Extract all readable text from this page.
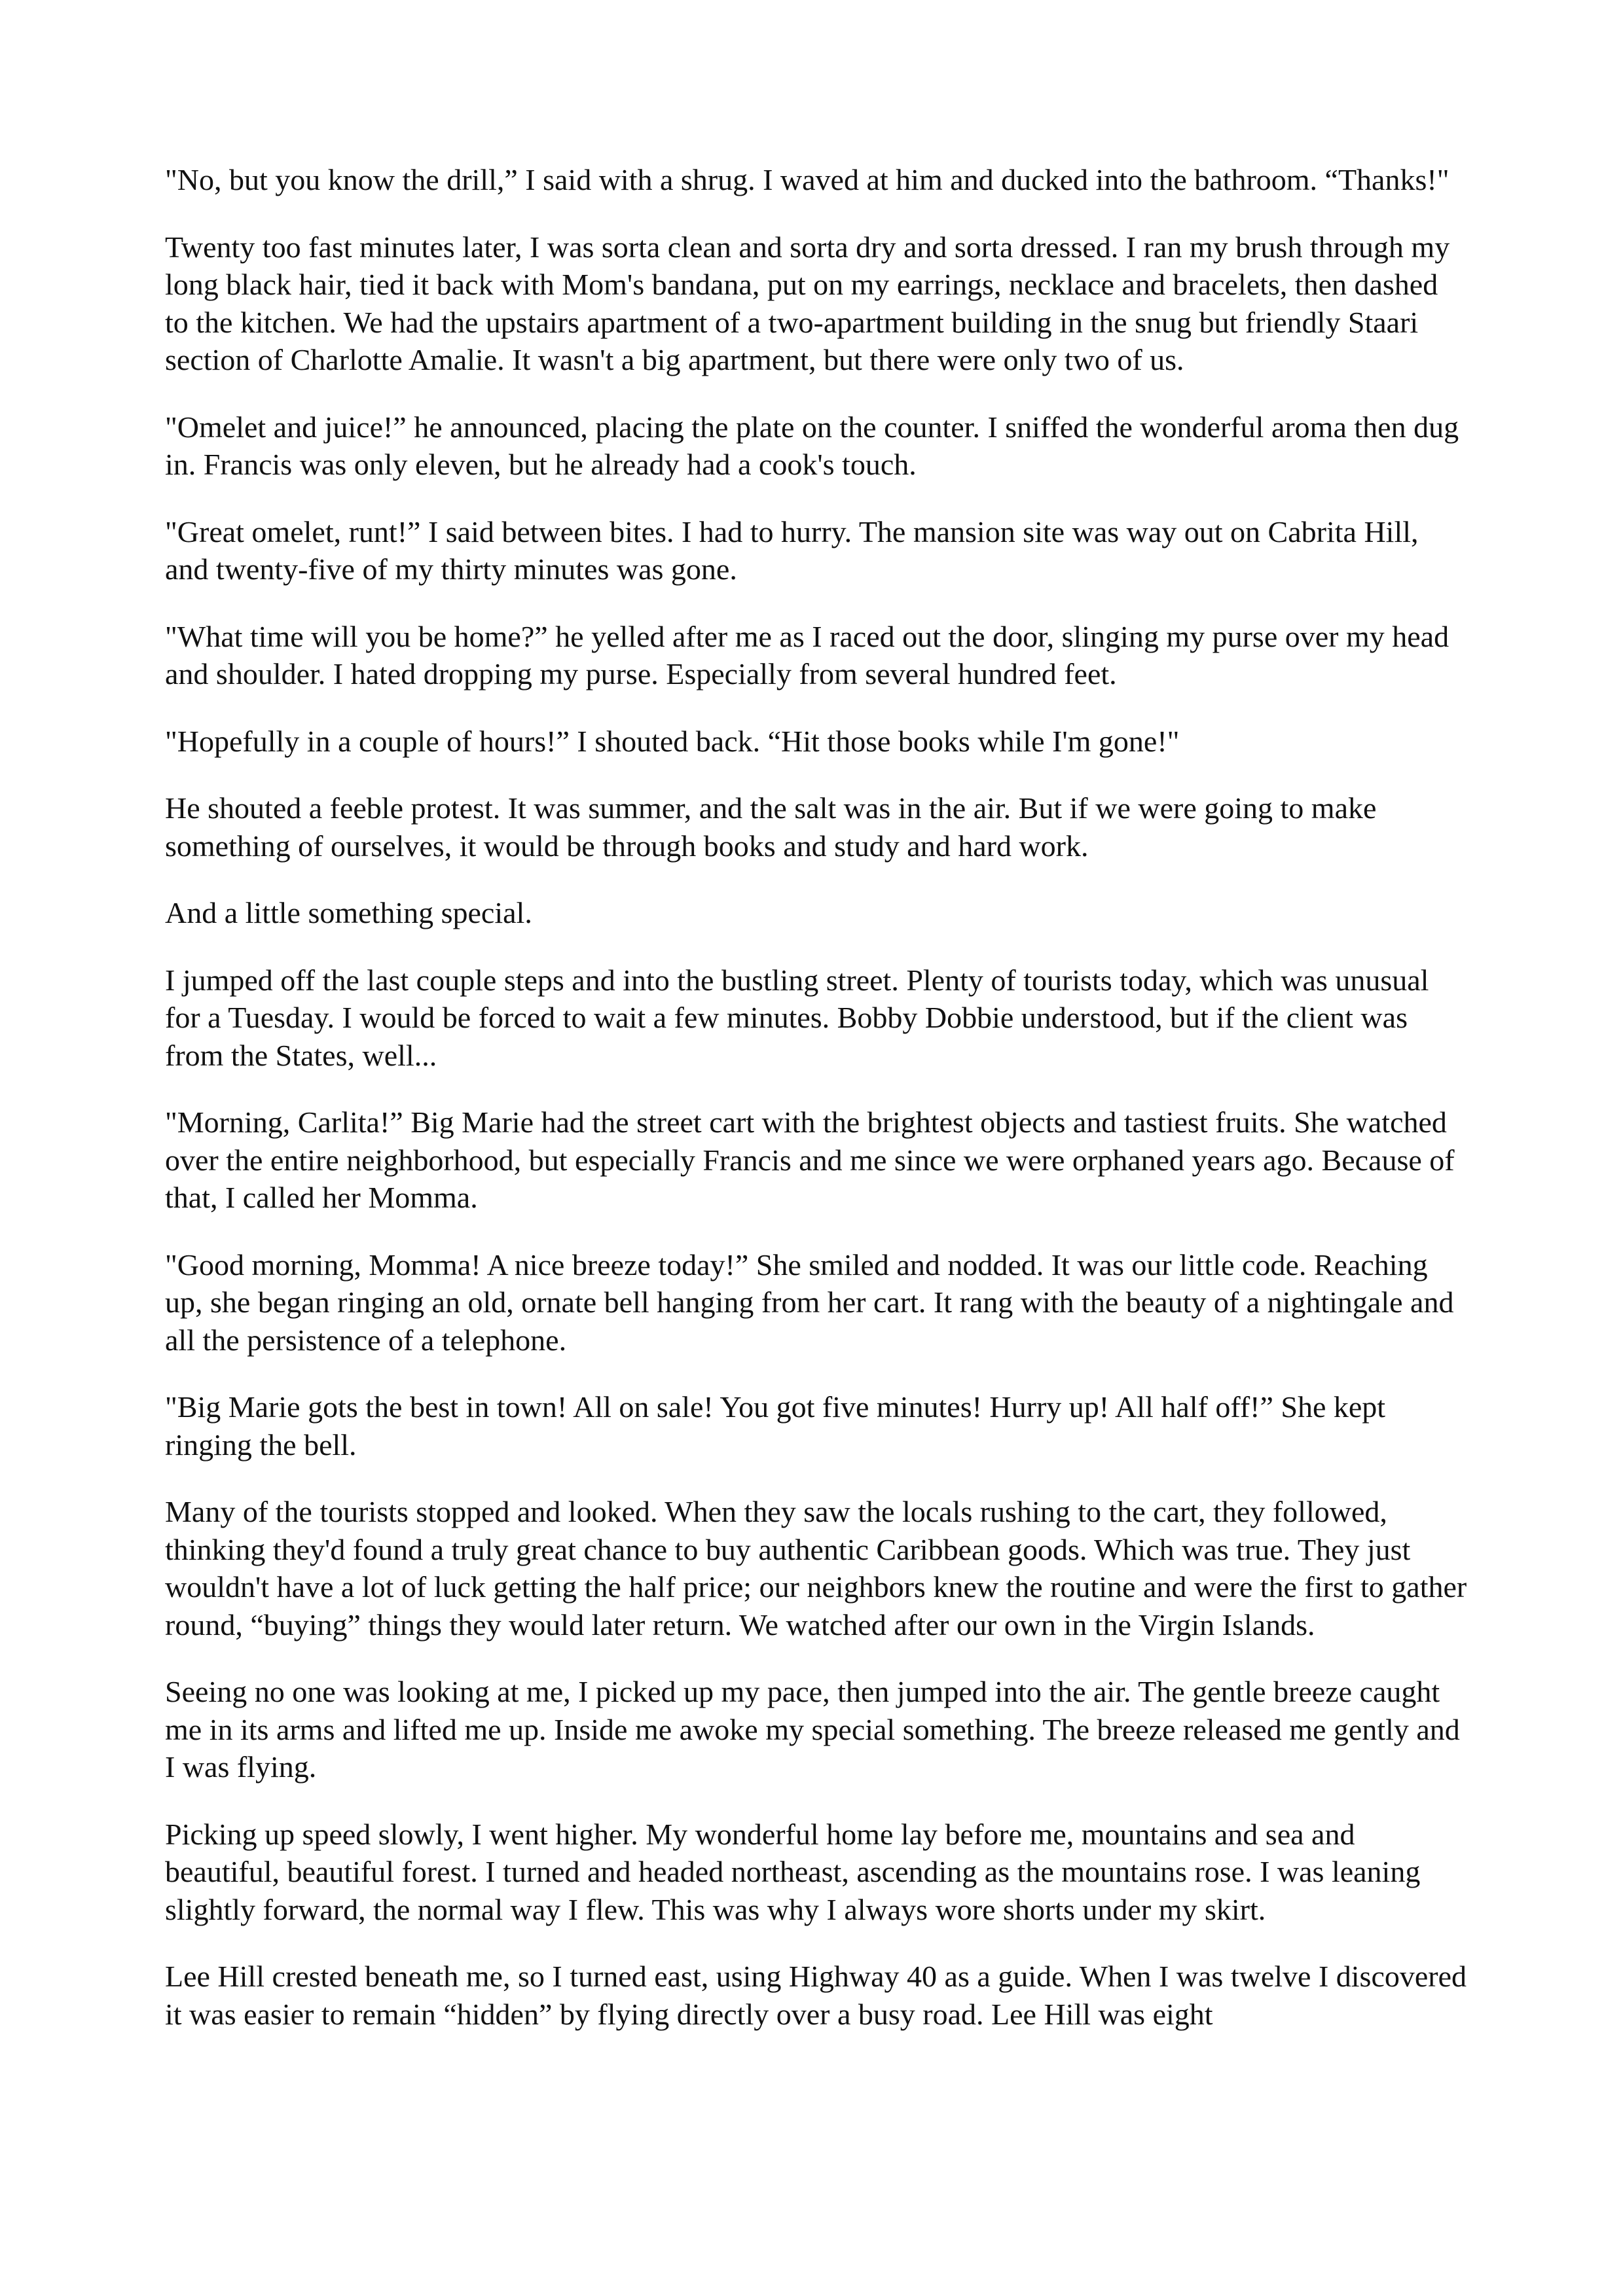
"No, but you know the drill,” I said with a shrug. I waved at him and ducked into the bathroom. “Thanks!"

Twenty too fast minutes later, I was sorta clean and sorta dry and sorta dressed. I ran my brush through my long black hair, tied it back with Mom's bandana, put on my earrings, necklace and bracelets, then dashed to the kitchen. We had the upstairs apartment of a two-apartment building in the snug but friendly Staari section of Charlotte Amalie. It wasn't a big apartment, but there were only two of us.

"Omelet and juice!” he announced, placing the plate on the counter. I sniffed the wonderful aroma then dug in. Francis was only eleven, but he already had a cook's touch.

"Great omelet, runt!” I said between bites. I had to hurry. The mansion site was way out on Cabrita Hill, and twenty-five of my thirty minutes was gone.

"What time will you be home?” he yelled after me as I raced out the door, slinging my purse over my head and shoulder. I hated dropping my purse. Especially from several hundred feet.

"Hopefully in a couple of hours!” I shouted back. “Hit those books while I'm gone!"

He shouted a feeble protest. It was summer, and the salt was in the air. But if we were going to make something of ourselves, it would be through books and study and hard work.

And a little something special.

I jumped off the last couple steps and into the bustling street. Plenty of tourists today, which was unusual for a Tuesday. I would be forced to wait a few minutes. Bobby Dobbie understood, but if the client was from the States, well...

"Morning, Carlita!” Big Marie had the street cart with the brightest objects and tastiest fruits. She watched over the entire neighborhood, but especially Francis and me since we were orphaned years ago. Because of that, I called her Momma.

"Good morning, Momma! A nice breeze today!” She smiled and nodded. It was our little code. Reaching up, she began ringing an old, ornate bell hanging from her cart. It rang with the beauty of a nightingale and all the persistence of a telephone.

"Big Marie gots the best in town! All on sale! You got five minutes! Hurry up! All half off!” She kept ringing the bell.

Many of the tourists stopped and looked. When they saw the locals rushing to the cart, they followed, thinking they'd found a truly great chance to buy authentic Caribbean goods. Which was true. They just wouldn't have a lot of luck getting the half price; our neighbors knew the routine and were the first to gather round, “buying” things they would later return. We watched after our own in the Virgin Islands.

Seeing no one was looking at me, I picked up my pace, then jumped into the air. The gentle breeze caught me in its arms and lifted me up. Inside me awoke my special something. The breeze released me gently and I was flying.

Picking up speed slowly, I went higher. My wonderful home lay before me, mountains and sea and beautiful, beautiful forest. I turned and headed northeast, ascending as the mountains rose. I was leaning slightly forward, the normal way I flew. This was why I always wore shorts under my skirt.

Lee Hill crested beneath me, so I turned east, using Highway 40 as a guide. When I was twelve I discovered it was easier to remain “hidden” by flying directly over a busy road. Lee Hill was eight
